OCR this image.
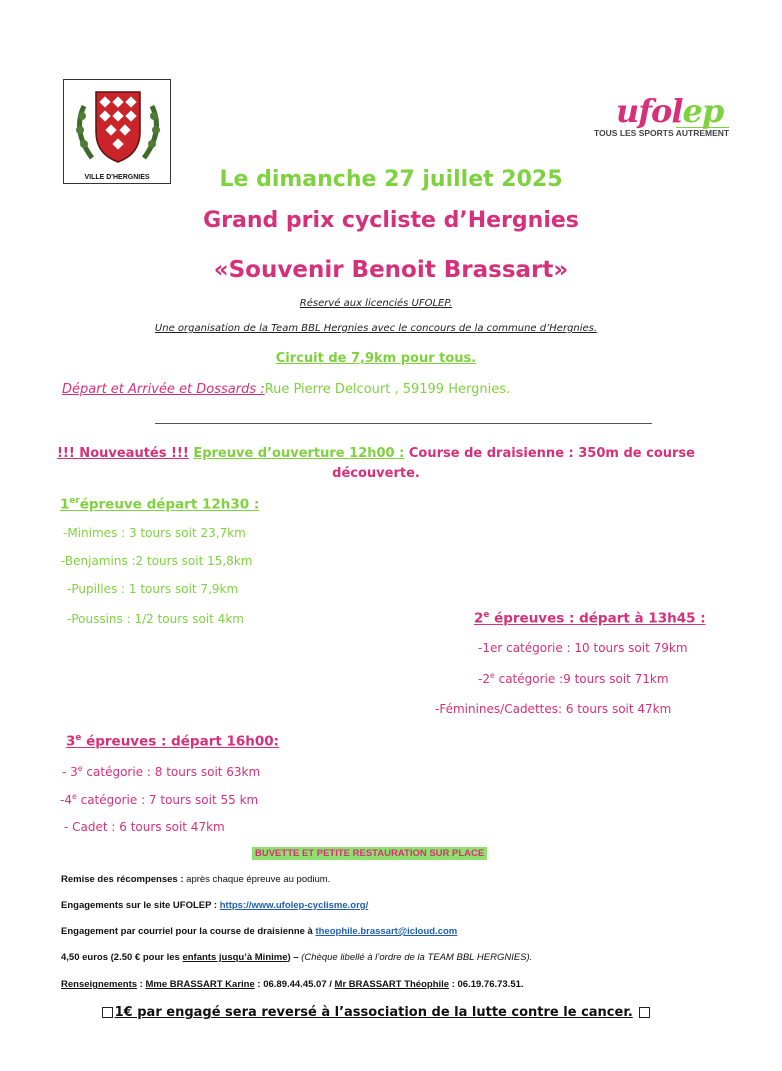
VILLE D'HERGNIES
ufolep
TOUS LES SPORTS AUTREMENT
Le dimanche 27 juillet 2025
Grand prix cycliste d’Hergnies
«Souvenir Benoit Brassart»
Réservé aux licenciés UFOLEP.
Une organisation de la Team BBL Hergnies avec le concours de la commune d’Hergnies.
Circuit de 7,9km pour tous.
Départ et Arrivée et Dossards :Rue Pierre Delcourt , 59199 Hergnies.
!!! Nouveautés !!! Epreuve d’ouverture 12h00 : Course de draisienne : 350m de course
découverte.
1erépreuve départ 12h30 :
-Minimes : 3 tours soit 23,7km
-Benjamins :2 tours soit 15,8km
-Pupilles : 1 tours soit 7,9km
-Poussins : 1/2 tours soit 4km	2e épreuves : départ à 13h45 :
-1er catégorie : 10 tours soit 79km
-2e catégorie :9 tours soit 71km
-Féminines/Cadettes: 6 tours soit 47km
3e épreuves : départ 16h00:
- 3e catégorie : 8 tours soit 63km
-4e catégorie : 7 tours soit 55 km
- Cadet : 6 tours soit 47km
BUVETTE ET PETITE RESTAURATION SUR PLACE
Remise des récompenses : après chaque épreuve au podium.
Engagements sur le site UFOLEP : https://www.ufolep-cyclisme.org/
Engagement par courriel pour la course de draisienne à theophile.brassart@icloud.com
4,50 euros (2.50 € pour les enfants jusqu’à Minime) – (Chèque libellé à l’ordre de la TEAM BBL HERGNIES).
Renseignements : Mme BRASSART Karine : 06.89.44.45.07 / Mr BRASSART Théophile : 06.19.76.73.51.
1€ par engagé sera reversé à l’association de la lutte contre le cancer.
